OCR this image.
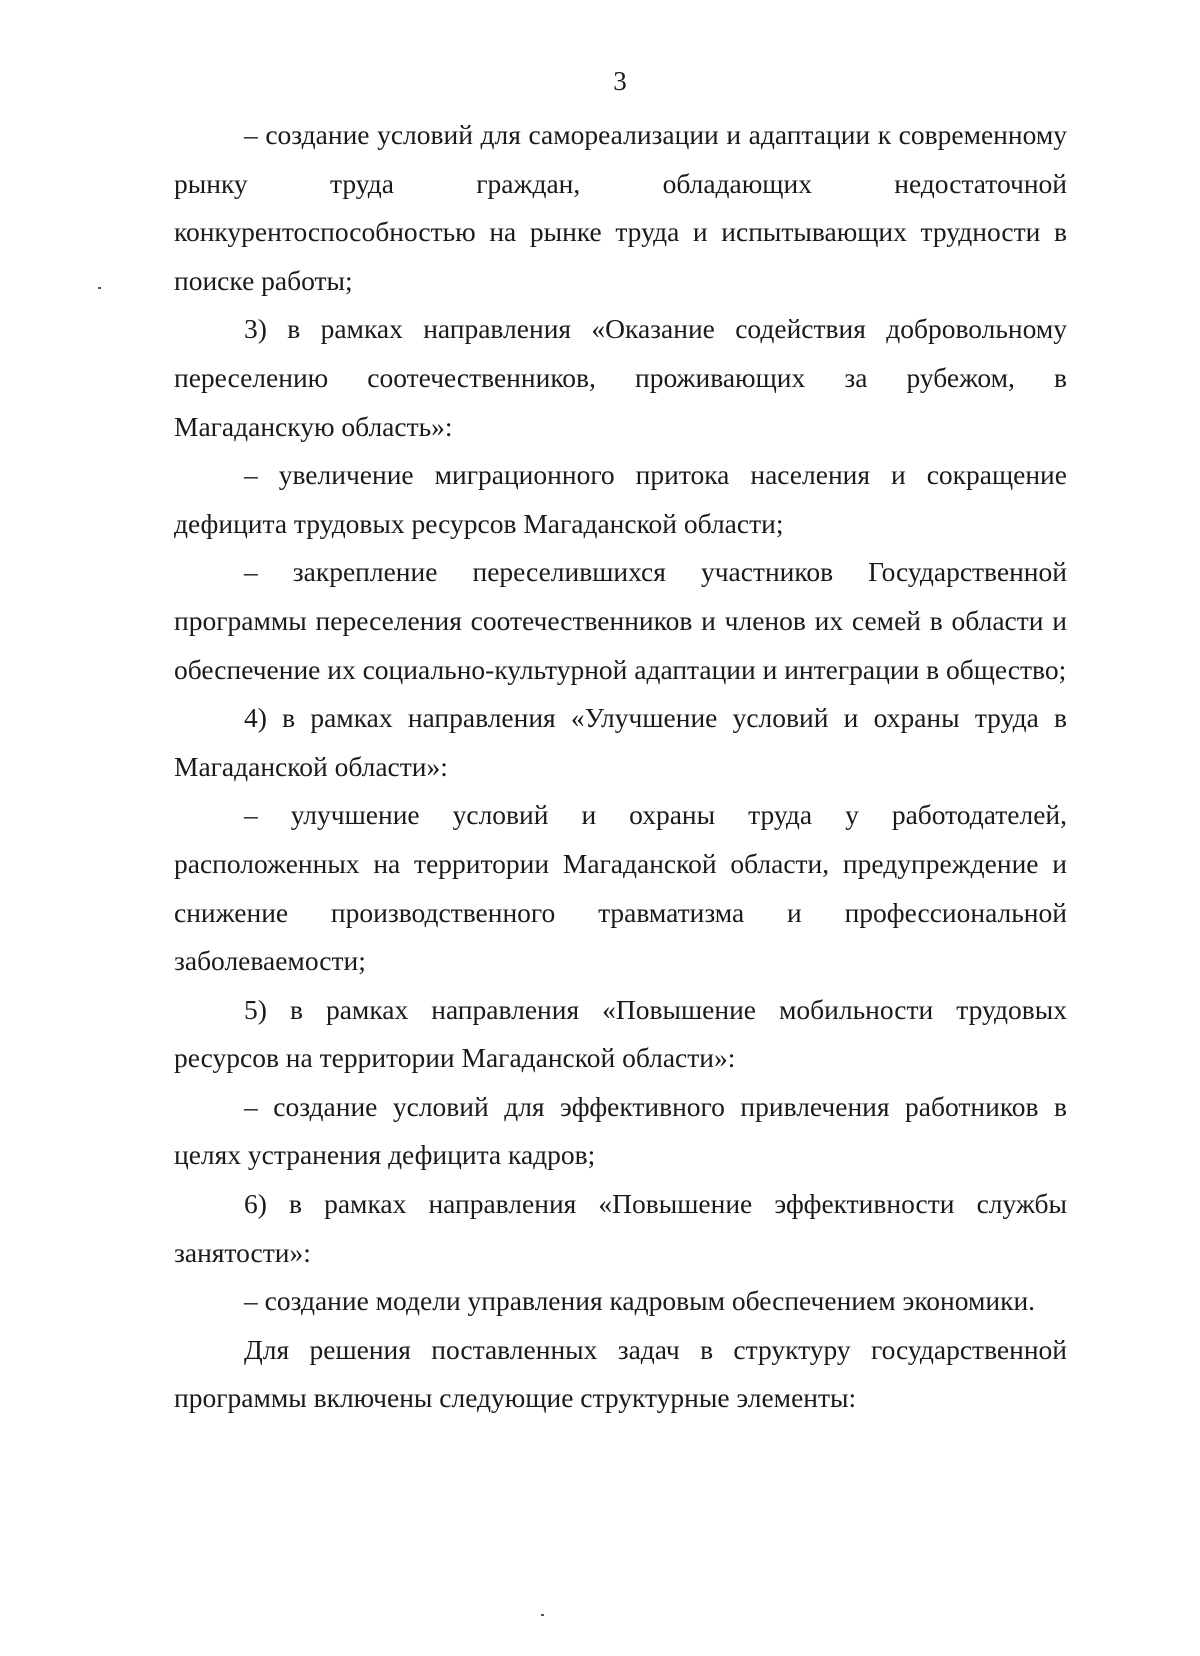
3

– создание условий для самореализации и адаптации к современному рынку труда граждан, обладающих недостаточной конкурентоспособностью на рынке труда и испытывающих трудности в поиске работы;

3) в рамках направления «Оказание содействия добровольному переселению соотечественников, проживающих за рубежом, в Магаданскую область»:

– увеличение миграционного притока населения и сокращение дефицита трудовых ресурсов Магаданской области;

– закрепление переселившихся участников Государственной программы переселения соотечественников и членов их семей в области и обеспечение их социально-культурной адаптации и интеграции в общество;

4) в рамках направления «Улучшение условий и охраны труда в Магаданской области»:

– улучшение условий и охраны труда у работодателей, расположенных на территории Магаданской области, предупреждение и снижение производственного травматизма и профессиональной заболеваемости;

5) в рамках направления «Повышение мобильности трудовых ресурсов на территории Магаданской области»:

– создание условий для эффективного привлечения работников в целях устранения дефицита кадров;

6) в рамках направления «Повышение эффективности службы занятости»:

– создание модели управления кадровым обеспечением экономики.

Для решения поставленных задач в структуру государственной программы включены следующие структурные элементы:
